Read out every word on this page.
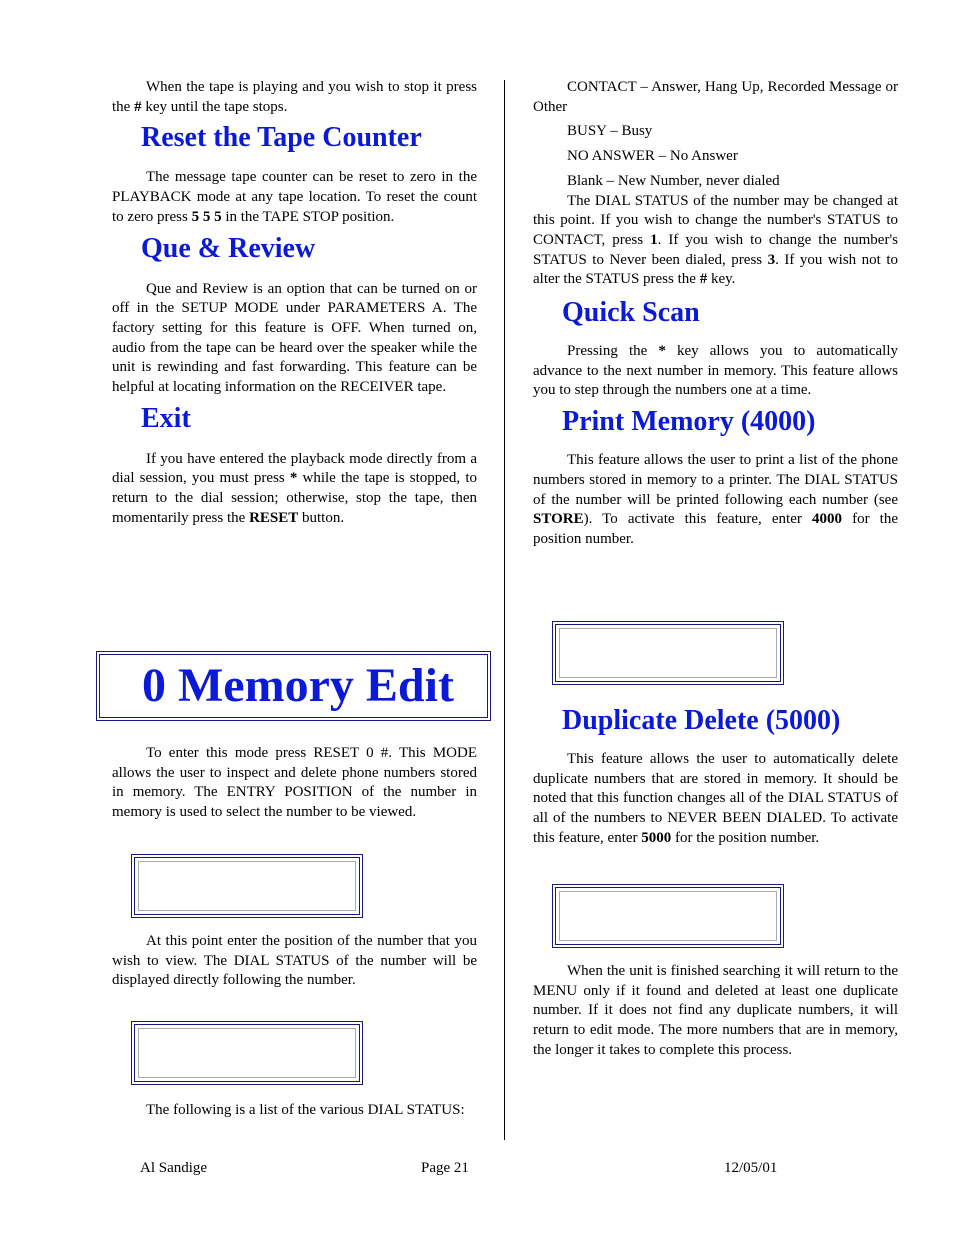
When the tape is playing and you wish to stop it press the # key until the tape stops.

Reset the Tape Counter

The message tape counter can be reset to zero in the PLAYBACK mode at any tape location. To reset the count to zero press 5 5 5 in the TAPE STOP position.

Que & Review

Que and Review is an option that can be turned on or off in the SETUP MODE under PARAMETERS A. The factory setting for this feature is OFF. When turned on, audio from the tape can be heard over the speaker while the unit is rewinding and fast forwarding. This feature can be helpful at locating information on the RECEIVER tape.

Exit

If you have entered the playback mode directly from a dial session, you must press * while the tape is stopped, to return to the dial session; otherwise, stop the tape, then momentarily press the RESET button.

0 Memory Edit

To enter this mode press RESET 0 #. This MODE allows the user to inspect and delete phone numbers stored in memory. The ENTRY POSITION of the number in memory is used to select the number to be viewed.

At this point enter the position of the number that you wish to view. The DIAL STATUS of the number will be displayed directly following the number.

The following is a list of the various DIAL STATUS:

CONTACT – Answer, Hang Up, Recorded Message or Other

BUSY – Busy

NO ANSWER – No Answer

Blank – New Number, never dialed

The DIAL STATUS of the number may be changed at this point. If you wish to change the number's STATUS to CONTACT, press 1. If you wish to change the number's STATUS to Never been dialed, press 3. If you wish not to alter the STATUS press the # key.

Quick Scan

Pressing the * key allows you to automatically advance to the next number in memory. This feature allows you to step through the numbers one at a time.

Print Memory (4000)

This feature allows the user to print a list of the phone numbers stored in memory to a printer. The DIAL STATUS of the number will be printed following each number (see STORE). To activate this feature, enter 4000 for the position number.

Duplicate Delete (5000)

This feature allows the user to automatically delete duplicate numbers that are stored in memory. It should be noted that this function changes all of the DIAL STATUS of all of the numbers to NEVER BEEN DIALED. To activate this feature, enter 5000 for the position number.

When the unit is finished searching it will return to the MENU only if it found and deleted at least one duplicate number. If it does not find any duplicate numbers, it will return to edit mode. The more numbers that are in memory, the longer it takes to complete this process.

Al Sandige	Page 21	12/05/01
